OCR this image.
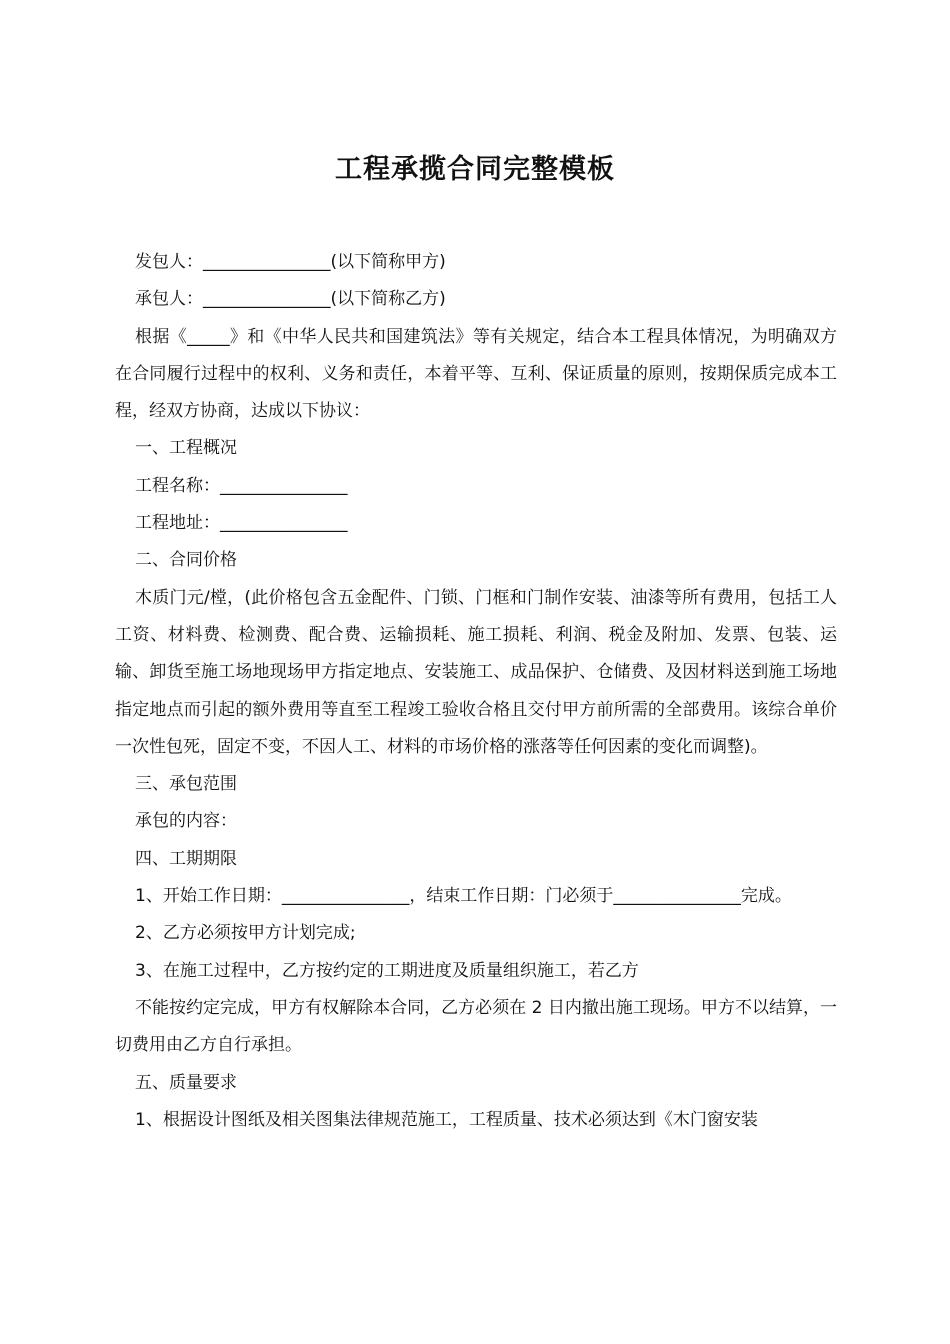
工程承揽合同完整模板

发包人：_______________(以下简称甲方)

承包人：_______________(以下简称乙方)

根据《_____》和《中华人民共和国建筑法》等有关规定，结合本工程具体情况，为明确双方在合同履行过程中的权利、义务和责任，本着平等、互利、保证质量的原则，按期保质完成本工程，经双方协商，达成以下协议：

一、工程概况

工程名称：_______________

工程地址：_______________

二、合同价格

木质门元/樘，(此价格包含五金配件、门锁、门框和门制作安装、油漆等所有费用，包括工人工资、材料费、检测费、配合费、运输损耗、施工损耗、利润、税金及附加、发票、包装、运输、卸货至施工场地现场甲方指定地点、安装施工、成品保护、仓储费、及因材料送到施工场地指定地点而引起的额外费用等直至工程竣工验收合格且交付甲方前所需的全部费用。该综合单价一次性包死，固定不变，不因人工、材料的市场价格的涨落等任何因素的变化而调整)。

三、承包范围

承包的内容：

四、工期期限

1、开始工作日期：_______________，结束工作日期：门必须于_______________完成。

2、乙方必须按甲方计划完成;

3、在施工过程中，乙方按约定的工期进度及质量组织施工，若乙方

不能按约定完成，甲方有权解除本合同，乙方必须在 2 日内撤出施工现场。甲方不以结算，一切费用由乙方自行承担。

五、质量要求

1、根据设计图纸及相关图集法律规范施工，工程质量、技术必须达到《木门窗安装
